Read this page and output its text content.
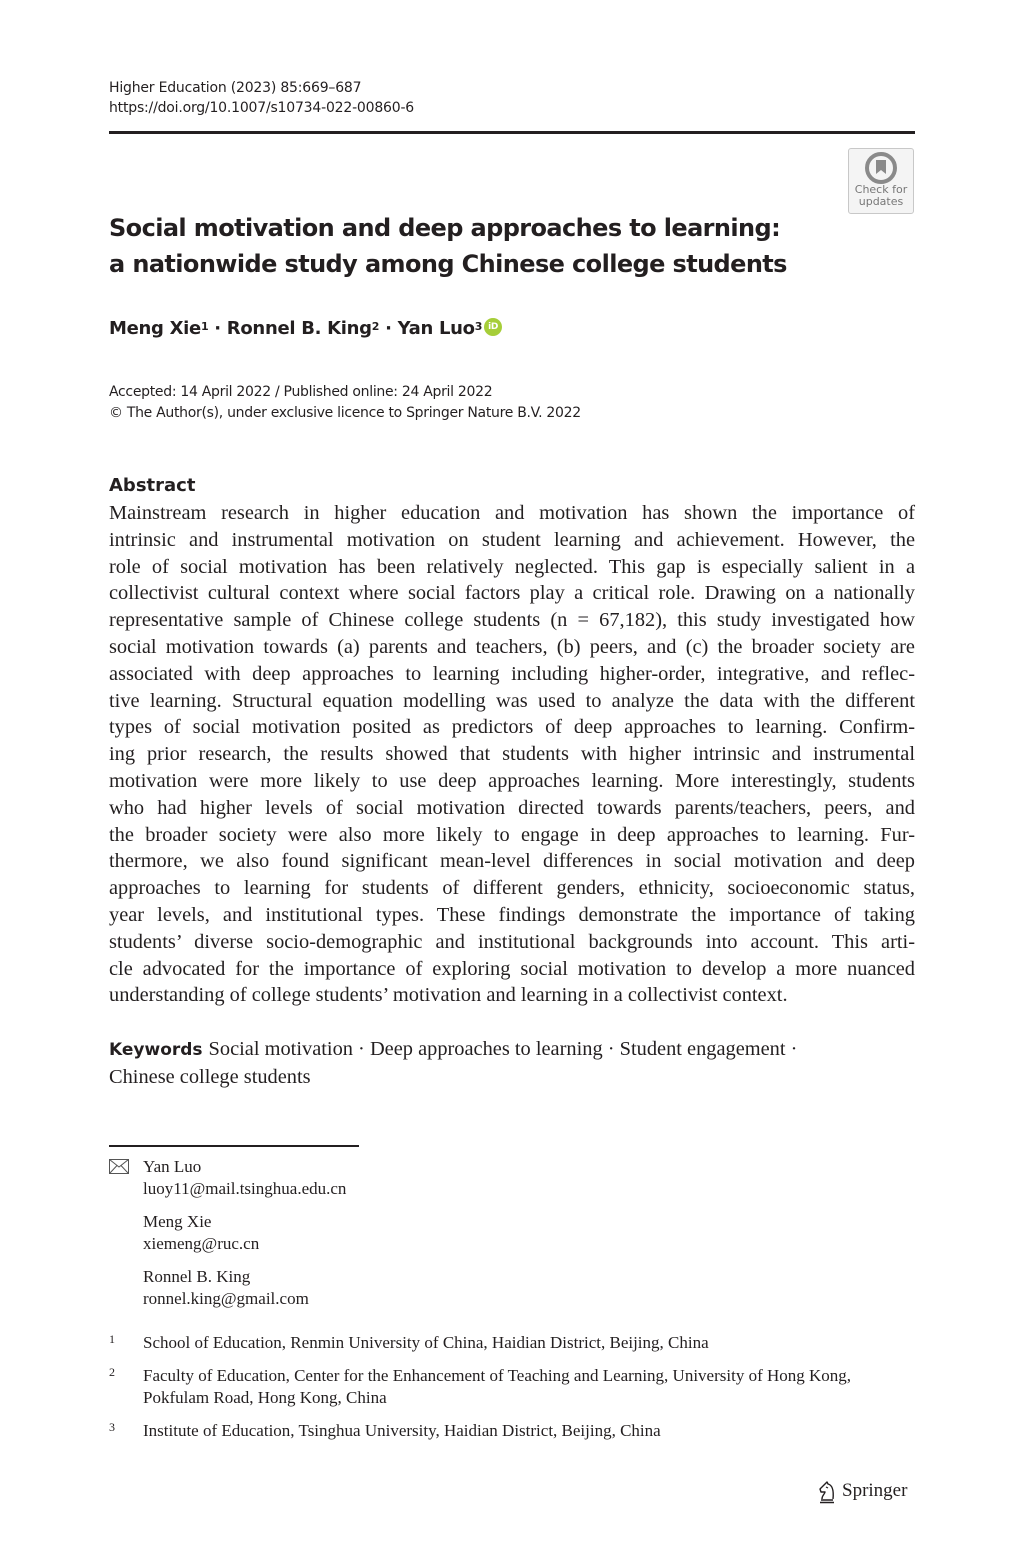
Higher Education (2023) 85:669–687
https://doi.org/10.1007/s10734-022-00860-6
Check for
updates
Social motivation and deep approaches to learning:
a nationwide study among Chinese college students
Meng Xie$^1$ · Ronnel B. King$^2$ · Yan Luo$^3$ iD
Accepted: 14 April 2022 / Published online: 24 April 2022
© The Author(s), under exclusive licence to Springer Nature B.V. 2022
Abstract
Mainstream research in higher education and motivation has shown the importance of
intrinsic and instrumental motivation on student learning and achievement. However, the
role of social motivation has been relatively neglected. This gap is especially salient in a
collectivist cultural context where social factors play a critical role. Drawing on a nationally
representative sample of Chinese college students (n = 67,182), this study investigated how
social motivation towards (a) parents and teachers, (b) peers, and (c) the broader society are
associated with deep approaches to learning including higher-order, integrative, and reflec-
tive learning. Structural equation modelling was used to analyze the data with the different
types of social motivation posited as predictors of deep approaches to learning. Confirm-
ing prior research, the results showed that students with higher intrinsic and instrumental
motivation were more likely to use deep approaches learning. More interestingly, students
who had higher levels of social motivation directed towards parents/teachers, peers, and
the broader society were also more likely to engage in deep approaches to learning. Fur-
thermore, we also found significant mean-level differences in social motivation and deep
approaches to learning for students of different genders, ethnicity, socioeconomic status,
year levels, and institutional types. These findings demonstrate the importance of taking
students’ diverse socio-demographic and institutional backgrounds into account. This arti-
cle advocated for the importance of exploring social motivation to develop a more nuanced
understanding of college students’ motivation and learning in a collectivist context.
Keywords Social motivation · Deep approaches to learning · Student engagement ·
Chinese college students
Yan Luo
luoy11@mail.tsinghua.edu.cn
Meng Xie
xiemeng@ruc.cn
Ronnel B. King
ronnel.king@gmail.com
1 School of Education, Renmin University of China, Haidian District, Beijing, China
2 Faculty of Education, Center for the Enhancement of Teaching and Learning, University of Hong Kong, Pokfulam Road, Hong Kong, China
3 Institute of Education, Tsinghua University, Haidian District, Beijing, China
Springer
